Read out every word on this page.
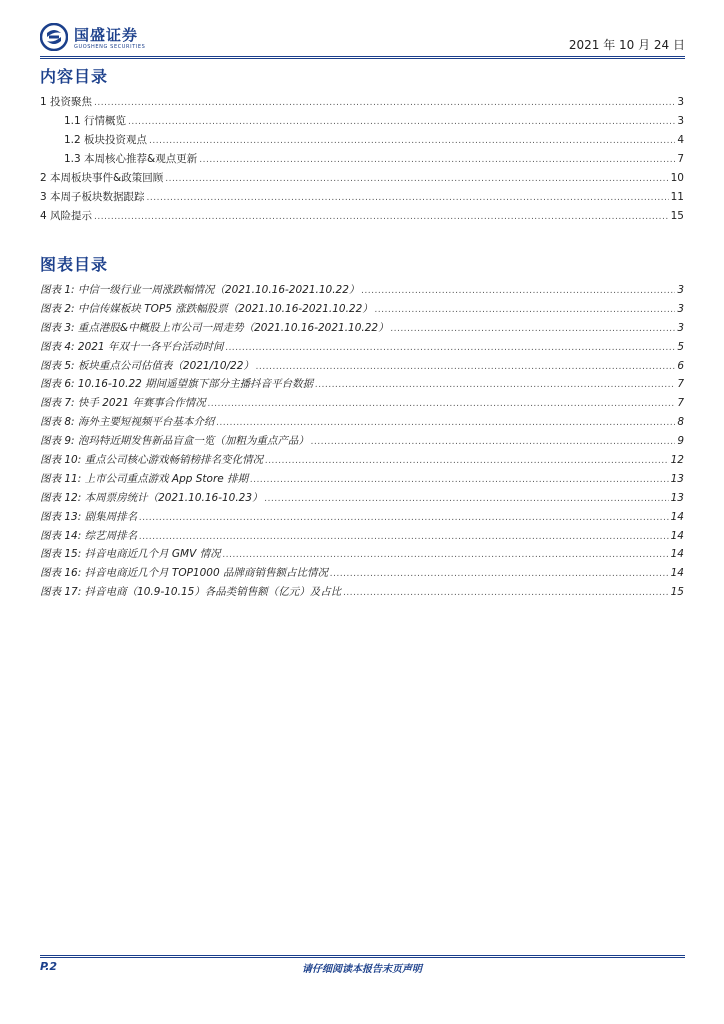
国盛证券
GUOSHENG SECURITIES	2021 年 10 月 24 日
内容目录
1 投资聚焦 .....	3
1.1 行情概览 .....	3
1.2 板块投资观点 .....	4
1.3 本周核心推荐&观点更新 .....	7
2 本周板块事件&政策回顾 .....	10
3 本周子板块数据跟踪 .....	11
4 风险提示 .....	15
图表目录
图表 1: 中信一级行业一周涨跌幅情况（2021.10.16-2021.10.22） .....	3
图表 2: 中信传媒板块 TOP5 涨跌幅股票（2021.10.16-2021.10.22） .....	3
图表 3: 重点港股&中概股上市公司一周走势（2021.10.16-2021.10.22） .....	3
图表 4: 2021 年双十一各平台活动时间 .....	5
图表 5: 板块重点公司估值表（2021/10/22） .....	6
图表 6: 10.16-10.22 期间遥望旗下部分主播抖音平台数据 .....	7
图表 7: 快手 2021 年赛事合作情况 .....	7
图表 8: 海外主要短视频平台基本介绍 .....	8
图表 9: 泡玛特近期发售新品盲盒一览（加粗为重点产品） .....	9
图表 10: 重点公司核心游戏畅销榜排名变化情况 .....	12
图表 11: 上市公司重点游戏 App Store 排期 .....	13
图表 12: 本周票房统计（2021.10.16-10.23） .....	13
图表 13: 剧集周排名 .....	14
图表 14: 综艺周排名 .....	14
图表 15: 抖音电商近几个月 GMV 情况 .....	14
图表 16: 抖音电商近几个月 TOP1000 品牌商销售额占比情况 .....	14
图表 17: 抖音电商（10.9-10.15）各品类销售额（亿元）及占比 .....	15
P.2	请仔细阅读本报告末页声明
